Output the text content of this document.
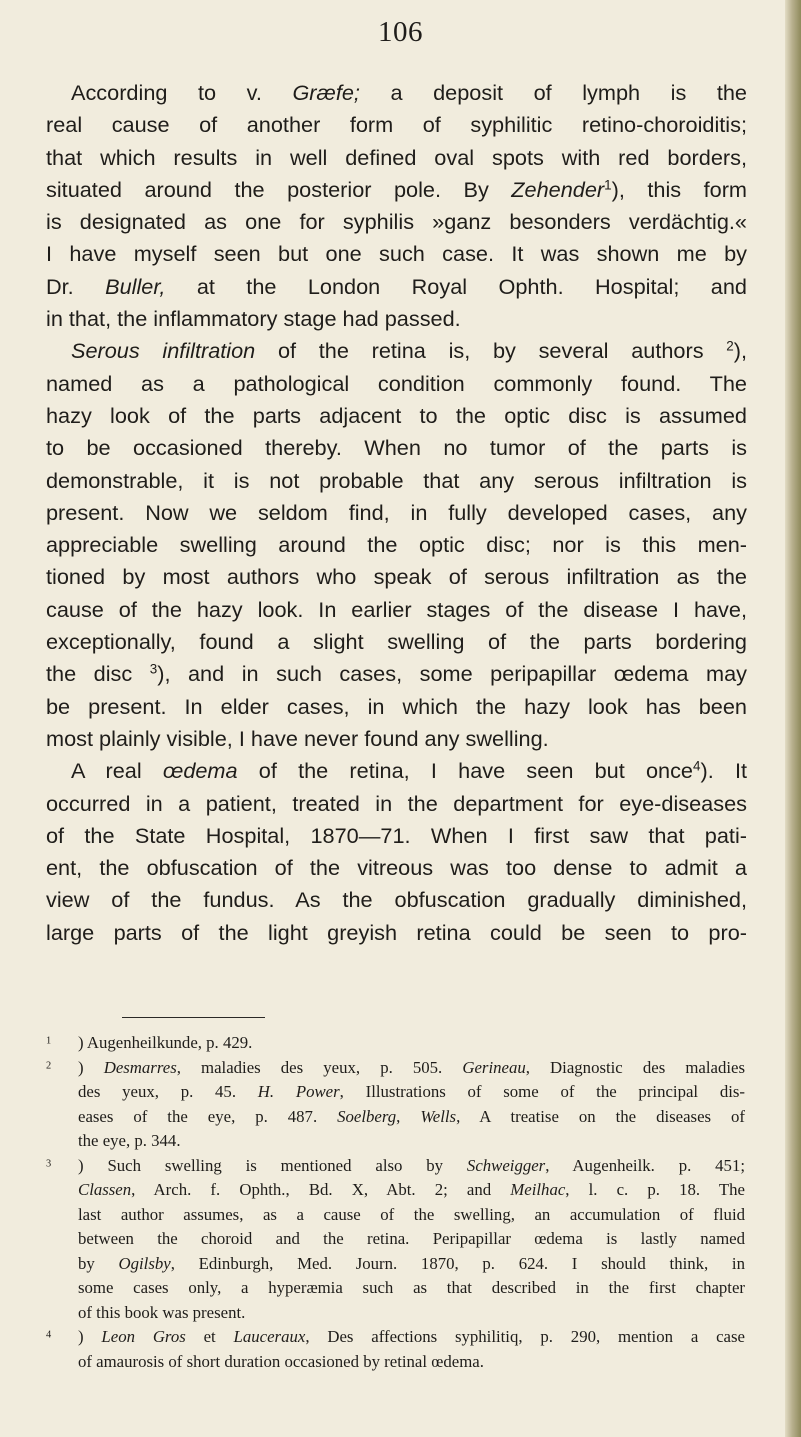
106
According to v. Græfe; a deposit of lymph is the
real cause of another form of syphilitic retino-choroiditis;
that which results in well defined oval spots with red borders,
situated around the posterior pole. By Zehender$^1$), this form
is designated as one for syphilis »ganz besonders verdächtig.«
I have myself seen but one such case. It was shown me by
Dr. Buller, at the London Royal Ophth. Hospital; and
in that, the inflammatory stage had passed.
Serous infiltration of the retina is, by several authors $^2$),
named as a pathological condition commonly found. The
hazy look of the parts adjacent to the optic disc is assumed
to be occasioned thereby. When no tumor of the parts is
demonstrable, it is not probable that any serous infiltration is
present. Now we seldom find, in fully developed cases, any
appreciable swelling around the optic disc; nor is this men-
tioned by most authors who speak of serous infiltration as the
cause of the hazy look. In earlier stages of the disease I have,
exceptionally, found a slight swelling of the parts bordering
the disc $^3$), and in such cases, some peripapillar œdema may
be present. In elder cases, in which the hazy look has been
most plainly visible, I have never found any swelling.
A real œdema of the retina, I have seen but once$^4$). It
occurred in a patient, treated in the department for eye-diseases
of the State Hospital, 1870—71. When I first saw that pati-
ent, the obfuscation of the vitreous was too dense to admit a
view of the fundus. As the obfuscation gradually diminished,
large parts of the light greyish retina could be seen to pro-
$^1$ ) Augenheilkunde, p. 429.
$^2$ ) Desmarres, maladies des yeux, p. 505. Gerineau, Diagnostic des maladies
des yeux, p. 45. H. Power, Illustrations of some of the principal dis-
eases of the eye, p. 487. Soelberg, Wells, A treatise on the diseases of
the eye, p. 344.
$^3$ ) Such swelling is mentioned also by Schweigger, Augenheilk. p. 451;
Classen, Arch. f. Ophth., Bd. X, Abt. 2; and Meilhac, l. c. p. 18. The
last author assumes, as a cause of the swelling, an accumulation of fluid
between the choroid and the retina. Peripapillar œdema is lastly named
by Ogilsby, Edinburgh, Med. Journ. 1870, p. 624. I should think, in
some cases only, a hyperæmia such as that described in the first chapter
of this book was present.
$^4$ ) Leon Gros et Lauceraux, Des affections syphilitiq, p. 290, mention a case
of amaurosis of short duration occasioned by retinal œdema.
